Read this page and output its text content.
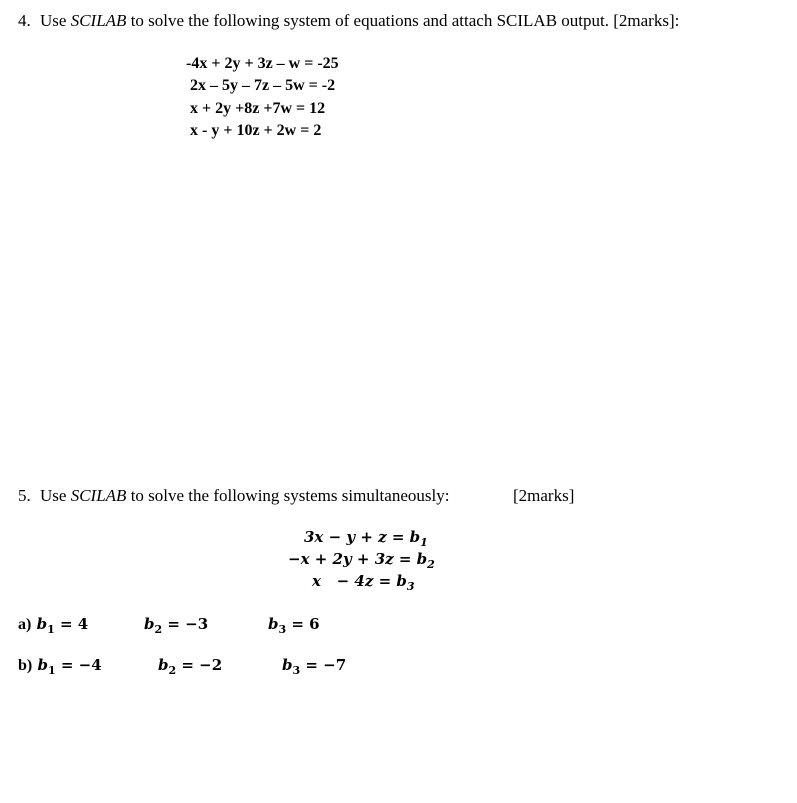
4. Use SCILAB to solve the following system of equations and attach SCILAB output. [2marks]:
-4x + 2y + 3z – w = -25
2x – 5y – 7z – 5w = -2
x + 2y +8z +7w = 12
x - y + 10z + 2w = 2
5. Use SCILAB to solve the following systems simultaneously:	[2marks]
$3x - y + z = b_1$
$-x + 2y + 3z = b_2$
$x - 4z = b_3$
a) $b_1 = 4$	$b_2 = -3$	$b_3 = 6$
b) $b_1 = -4$	$b_2 = -2$	$b_3 = -7$
